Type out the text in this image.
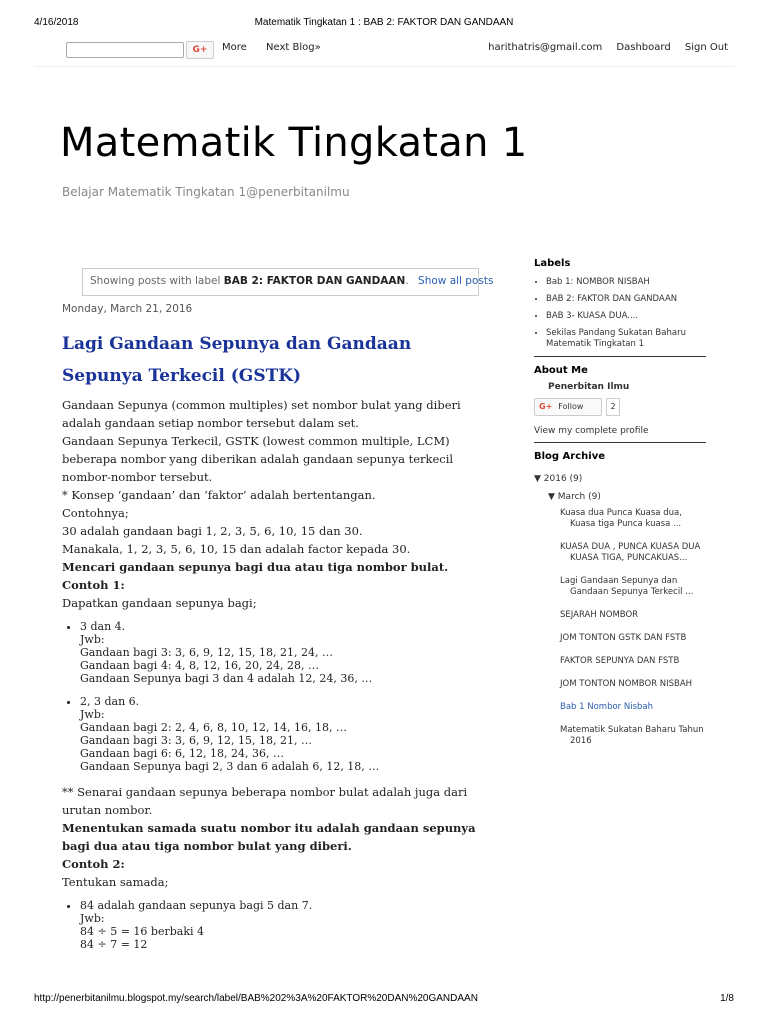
4/16/2018	Matematik Tingkatan 1 : BAB 2: FAKTOR DAN GANDAAN
G+	More Next Blog»	harithatris@gmail.com Dashboard Sign Out
Matematik Tingkatan 1
Belajar Matematik Tingkatan 1@penerbitanilmu
Showing posts with label BAB 2: FAKTOR DAN GANDAAN. Show all posts
Monday, March 21, 2016
Lagi Gandaan Sepunya dan Gandaan Sepunya Terkecil (GSTK)

Gandaan Sepunya (common multiples) set nombor bulat yang diberi adalah gandaan setiap nombor tersebut dalam set.

Gandaan Sepunya Terkecil, GSTK (lowest common multiple, LCM) beberapa nombor yang diberikan adalah gandaan sepunya terkecil nombor-nombor tersebut.

* Konsep ‘gandaan’ dan ‘faktor’ adalah bertentangan.

Contohnya;

30 adalah gandaan bagi 1, 2, 3, 5, 6, 10, 15 dan 30.

Manakala, 1, 2, 3, 5, 6, 10, 15 dan adalah factor kepada 30.

Mencari gandaan sepunya bagi dua atau tiga nombor bulat.

Contoh 1:

Dapatkan gandaan sepunya bagi;

• 3 dan 4.
Jwb:
Gandaan bagi 3: 3, 6, 9, 12, 15, 18, 21, 24, …
Gandaan bagi 4: 4, 8, 12, 16, 20, 24, 28, …
Gandaan Sepunya bagi 3 dan 4 adalah 12, 24, 36, …
• 2, 3 dan 6.
Jwb:
Gandaan bagi 2: 2, 4, 6, 8, 10, 12, 14, 16, 18, …
Gandaan bagi 3: 3, 6, 9, 12, 15, 18, 21, …
Gandaan bagi 6: 6, 12, 18, 24, 36, …
Gandaan Sepunya bagi 2, 3 dan 6 adalah 6, 12, 18, …

** Senarai gandaan sepunya beberapa nombor bulat adalah juga dari urutan nombor.

Menentukan samada suatu nombor itu adalah gandaan sepunya bagi dua atau tiga nombor bulat yang diberi.

Contoh 2:

Tentukan samada;

• 84 adalah gandaan sepunya bagi 5 dan 7.
Jwb:
84 ÷ 5 = 16 berbaki 4
84 ÷ 7 = 12

Labels

• Bab 1: NOMBOR NISBAH
• BAB 2: FAKTOR DAN GANDAAN
• BAB 3- KUASA DUA....
• Sekilas Pandang Sukatan Baharu Matematik Tingkatan 1

About Me

Penerbitan Ilmu
G+ Follow	2
View my complete profile

Blog Archive

▼ 2016 (9)
▼ March (9)
Kuasa dua Punca Kuasa dua, Kuasa tiga Punca kuasa ...
KUASA DUA , PUNCA KUASA DUA KUASA TIGA, PUNCAKUAS...
Lagi Gandaan Sepunya dan Gandaan Sepunya Terkecil ...
SEJARAH NOMBOR
JOM TONTON GSTK DAN FSTB
FAKTOR SEPUNYA DAN FSTB
JOM TONTON NOMBOR NISBAH
Bab 1 Nombor Nisbah
Matematik Sukatan Baharu Tahun 2016
http://penerbitanilmu.blogspot.my/search/label/BAB%202%3A%20FAKTOR%20DAN%20GANDAAN	1/8
